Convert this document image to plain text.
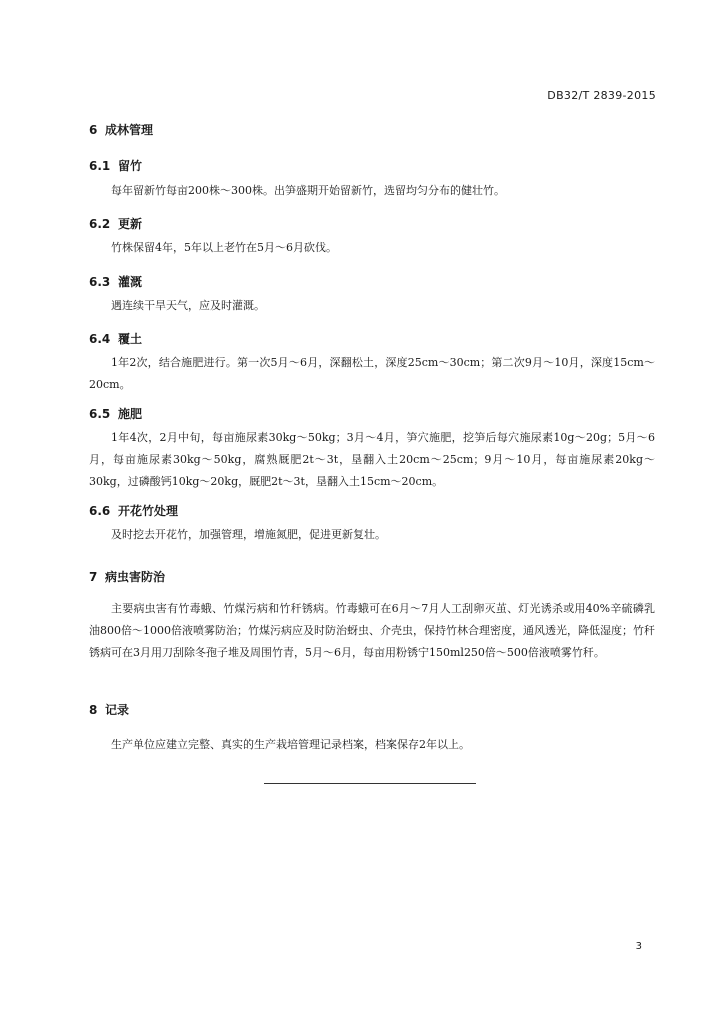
DB32/T 2839-2015
6 成林管理
6.1 留竹
每年留新竹每亩200株～300株。出笋盛期开始留新竹，选留均匀分布的健壮竹。
6.2 更新
竹株保留4年，5年以上老竹在5月～6月砍伐。
6.3 灌溉
遇连续干旱天气，应及时灌溉。
6.4 覆土
1年2次，结合施肥进行。第一次5月～6月，深翻松土，深度25cm～30cm；第二次9月～10月，深度15cm～20cm。
6.5 施肥
1年4次，2月中旬，每亩施尿素30kg～50kg；3月～4月，笋穴施肥，挖笋后每穴施尿素10g～20g；5月～6月，每亩施尿素30kg～50kg，腐熟厩肥2t～3t，垦翻入土20cm～25cm；9月～10月，每亩施尿素20kg～30kg，过磷酸钙10kg～20kg，厩肥2t～3t，垦翻入土15cm～20cm。
6.6 开花竹处理
及时挖去开花竹，加强管理，增施氮肥，促进更新复壮。
7 病虫害防治
主要病虫害有竹毒蛾、竹煤污病和竹秆锈病。竹毒蛾可在6月～7月人工刮卵灭茧、灯光诱杀或用40%辛硫磷乳油800倍～1000倍液喷雾防治；竹煤污病应及时防治蚜虫、介壳虫，保持竹林合理密度，通风透光，降低湿度；竹秆锈病可在3月用刀刮除冬孢子堆及周围竹青，5月～6月，每亩用粉锈宁150ml250倍～500倍液喷雾竹秆。
8 记录
生产单位应建立完整、真实的生产栽培管理记录档案，档案保存2年以上。
3
